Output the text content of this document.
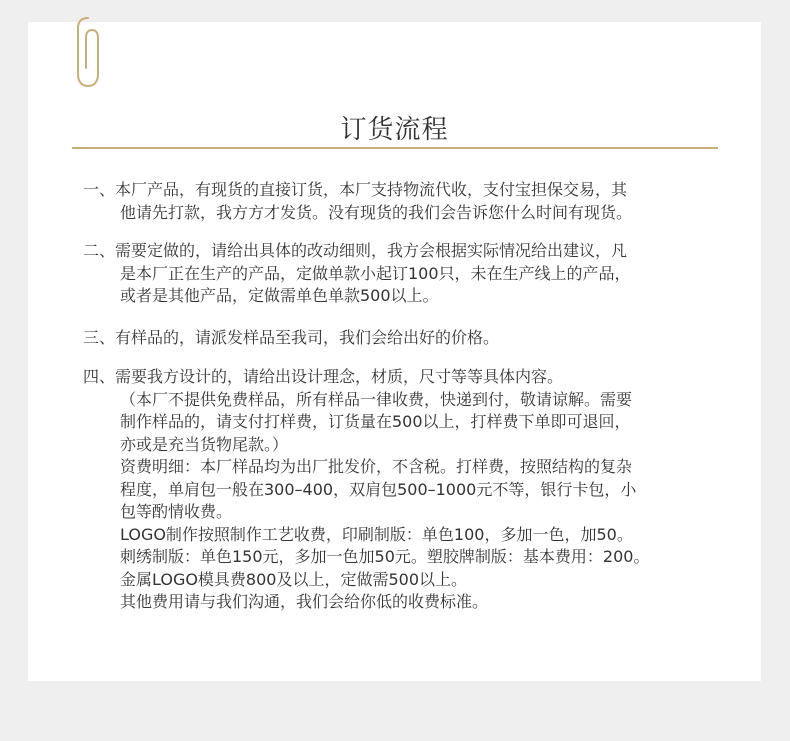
订货流程
一、本厂产品，有现货的直接订货，本厂支持物流代收，支付宝担保交易，其
他请先打款，我方方才发货。没有现货的我们会告诉您什么时间有现货。
二、需要定做的，请给出具体的改动细则，我方会根据实际情况给出建议，凡
是本厂正在生产的产品，定做单款小起订100只，未在生产线上的产品，
或者是其他产品，定做需单色单款500以上。
三、有样品的，请派发样品至我司，我们会给出好的价格。
四、需要我方设计的，请给出设计理念，材质，尺寸等等具体内容。
（本厂不提供免费样品，所有样品一律收费，快递到付，敬请谅解。需要
制作样品的，请支付打样费，订货量在500以上，打样费下单即可退回，
亦或是充当货物尾款。）
资费明细：本厂样品均为出厂批发价，不含税。打样费，按照结构的复杂
程度，单肩包一般在300–400，双肩包500–1000元不等，银行卡包，小
包等酌情收费。
LOGO制作按照制作工艺收费，印刷制版：单色100，多加一色，加50。
刺绣制版：单色150元，多加一色加50元。塑胶牌制版：基本费用：200。
金属LOGO模具费800及以上，定做需500以上。
其他费用请与我们沟通，我们会给你低的收费标准。
